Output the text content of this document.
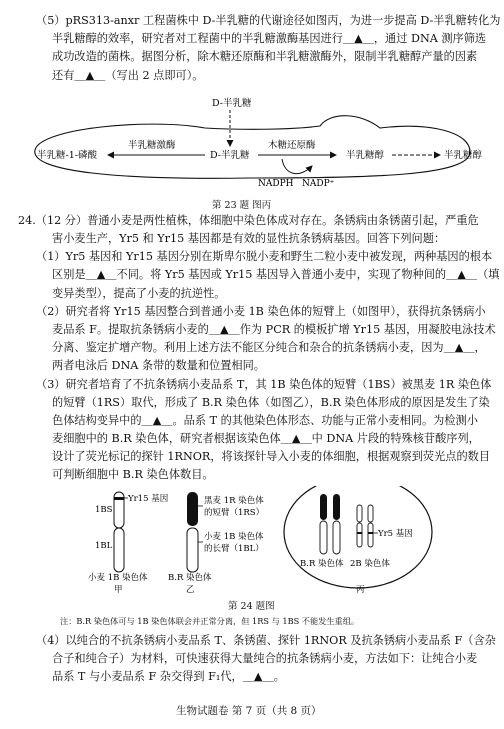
（5）pRS313-anxr 工程菌株中 D-半乳糖的代谢途径如图丙，为进一步提高 D-半乳糖转化为
半乳糖醇的效率，研究者对工程菌中的半乳糖激酶基因进行＿▲＿，通过 DNA 测序筛选
成功改造的菌株。据图分析，除木糖还原酶和半乳糖激酶外，限制半乳糖醇产量的因素
还有＿▲＿（写出 2 点即可）。
D-半乳糖
半乳糖-1-磷酸
半乳糖激酶
D-半乳糖
木糖还原酶
半乳糖醇	半乳糖醇
NADPH NADP⁺
第 23 题 图丙
24.（12 分）普通小麦是两性植株，体细胞中染色体成对存在。条锈病由条锈菌引起，严重危
害小麦生产，Yr5 和 Yr15 基因都是有效的显性抗条锈病基因。回答下列问题：
（1）Yr5 基因和 Yr15 基因分别在斯卑尔脱小麦和野生二粒小麦中被发现，两种基因的根本
区别是＿▲＿不同。将 Yr5 基因或 Yr15 基因导入普通小麦中，实现了物种间的＿▲＿（填
变异类型），提高了小麦的抗逆性。
（2）研究者将 Yr15 基因整合到普通小麦 1B 染色体的短臂上（如图甲），获得抗条锈病小
麦品系 F。提取抗条锈病小麦的＿▲＿作为 PCR 的模板扩增 Yr15 基因，用凝胶电泳技术
分离、鉴定扩增产物。利用上述方法不能区分纯合和杂合的抗条锈病小麦，因为＿▲＿，
两者电泳后 DNA 条带的数量和位置相同。
（3）研究者培育了不抗条锈病小麦品系 T，其 1B 染色体的短臂（1BS）被黑麦 1R 染色体
的短臂（1RS）取代，形成了 B.R 染色体（如图乙），B.R 染色体形成的原因是发生了染
色体结构变异中的＿▲＿。品系 T 的其他染色体形态、功能与正常小麦相同。为检测小
麦细胞中的 B.R 染色体，研究者根据该染色体＿▲＿中 DNA 片段的特殊核苷酸序列，
设计了荧光标记的探针 1RNOR，将该探针导入小麦的体细胞，根据观察到荧光点的数目
可判断细胞中 B.R 染色体数目。
Yr15 基因
1BS
1BL
黑麦 1R 染色体
的短臂（1RS）
小麦 1B 染色体
的长臂（1BL）
小麦 1B 染色体
甲
B.R 染色体
乙
Yr5 基因
B.R 染色体 2B 染色体
丙
第 24 题图
注：B.R 染色体可与 1B 染色体联会并正常分离，但 1RS 与 1BS 不能发生重组。
（4）以纯合的不抗条锈病小麦品系 T、条锈菌、探针 1RNOR 及抗条锈病小麦品系 F（含杂
合子和纯合子）为材料，可快速获得大量纯合的抗条锈病小麦，方法如下：让纯合小麦
品系 T 与小麦品系 F 杂交得到 F₁代，＿▲＿。
生物试题卷 第 7 页（共 8 页）
